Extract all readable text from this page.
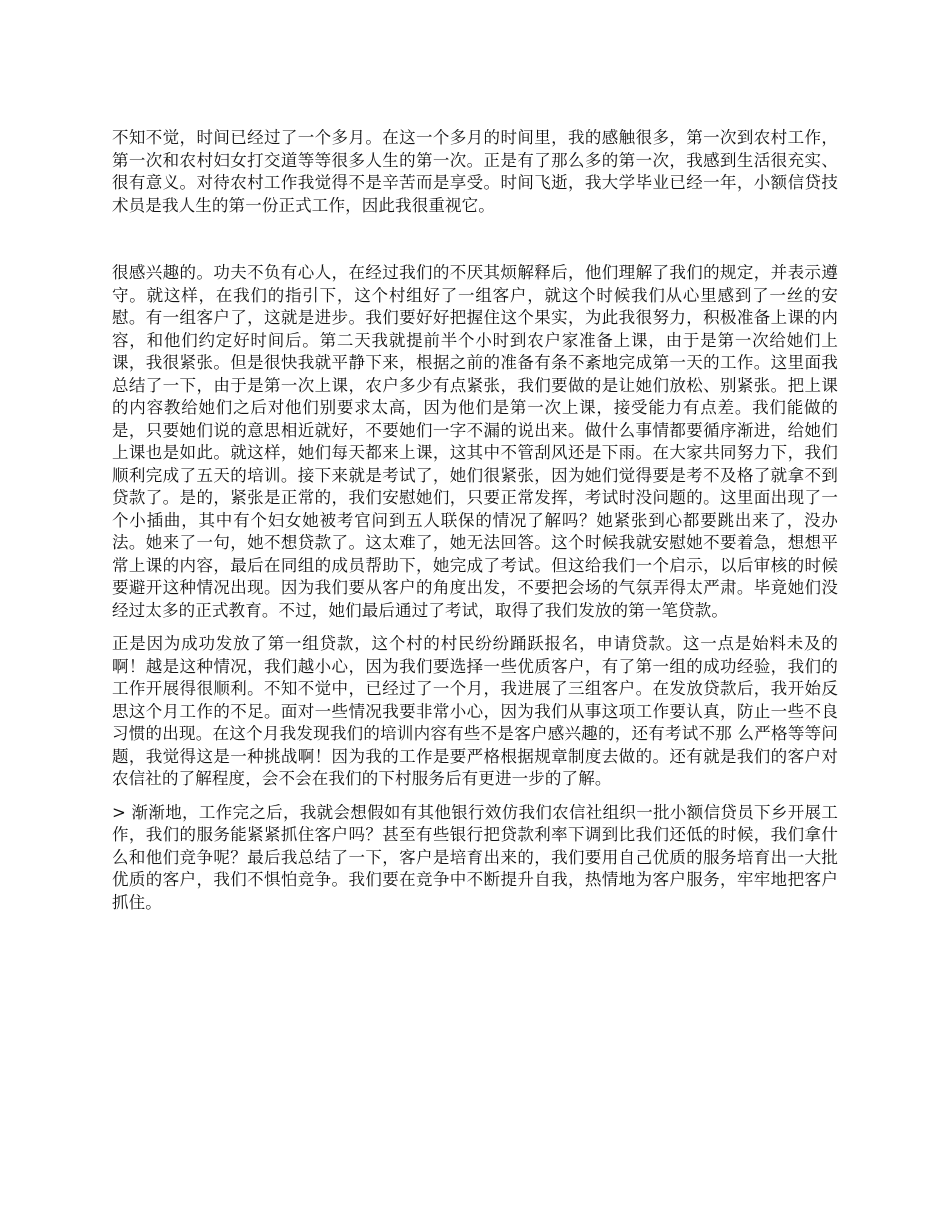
不知不觉，时间已经过了一个多月。在这一个多月的时间里，我的感触很多，第一次到农村工作，第一次和农村妇女打交道等等很多人生的第一次。正是有了那么多的第一次，我感到生活很充实、很有意义。对待农村工作我觉得不是辛苦而是享受。时间飞逝，我大学毕业已经一年，小额信贷技术员是我人生的第一份正式工作，因此我很重视它。

很感兴趣的。功夫不负有心人，在经过我们的不厌其烦解释后，他们理解了我们的规定，并表示遵守。就这样，在我们的指引下，这个村组好了一组客户，就这个时候我们从心里感到了一丝的安慰。有一组客户了，这就是进步。我们要好好把握住这个果实，为此我很努力，积极准备上课的内容，和他们约定好时间后。第二天我就提前半个小时到农户家准备上课，由于是第一次给她们上课，我很紧张。但是很快我就平静下来，根据之前的准备有条不紊地完成第一天的工作。这里面我总结了一下，由于是第一次上课，农户多少有点紧张，我们要做的是让她们放松、别紧张。把上课的内容教给她们之后对他们别要求太高，因为他们是第一次上课，接受能力有点差。我们能做的是，只要她们说的意思相近就好，不要她们一字不漏的说出来。做什么事情都要循序渐进，给她们上课也是如此。就这样，她们每天都来上课，这其中不管刮风还是下雨。在大家共同努力下，我们顺利完成了五天的培训。接下来就是考试了，她们很紧张，因为她们觉得要是考不及格了就拿不到贷款了。是的，紧张是正常的，我们安慰她们，只要正常发挥，考试时没问题的。这里面出现了一个小插曲，其中有个妇女她被考官问到五人联保的情况了解吗？她紧张到心都要跳出来了，没办法。她来了一句，她不想贷款了。这太难了，她无法回答。这个时候我就安慰她不要着急，想想平常上课的内容，最后在同组的成员帮助下，她完成了考试。但这给我们一个启示，以后审核的时候要避开这种情况出现。因为我们要从客户的角度出发，不要把会场的气氛弄得太严肃。毕竟她们没经过太多的正式教育。不过，她们最后通过了考试，取得了我们发放的第一笔贷款。

正是因为成功发放了第一组贷款，这个村的村民纷纷踊跃报名，申请贷款。这一点是始料未及的啊！越是这种情况，我们越小心，因为我们要选择一些优质客户，有了第一组的成功经验，我们的工作开展得很顺利。不知不觉中，已经过了一个月，我进展了三组客户。在发放贷款后，我开始反思这个月工作的不足。面对一些情况我要非常小心，因为我们从事这项工作要认真，防止一些不良习惯的出现。在这个月我发现我们的培训内容有些不是客户感兴趣的，还有考试不那 么严格等等问题，我觉得这是一种挑战啊！因为我的工作是要严格根据规章制度去做的。还有就是我们的客户对农信社的了解程度，会不会在我们的下村服务后有更进一步的了解。

> 渐渐地，工作完之后，我就会想假如有其他银行效仿我们农信社组织一批小额信贷员下乡开展工作，我们的服务能紧紧抓住客户吗？甚至有些银行把贷款利率下调到比我们还低的时候，我们拿什么和他们竞争呢？最后我总结了一下，客户是培育出来的，我们要用自己优质的服务培育出一大批优质的客户，我们不惧怕竞争。我们要在竞争中不断提升自我，热情地为客户服务，牢牢地把客户抓住。
